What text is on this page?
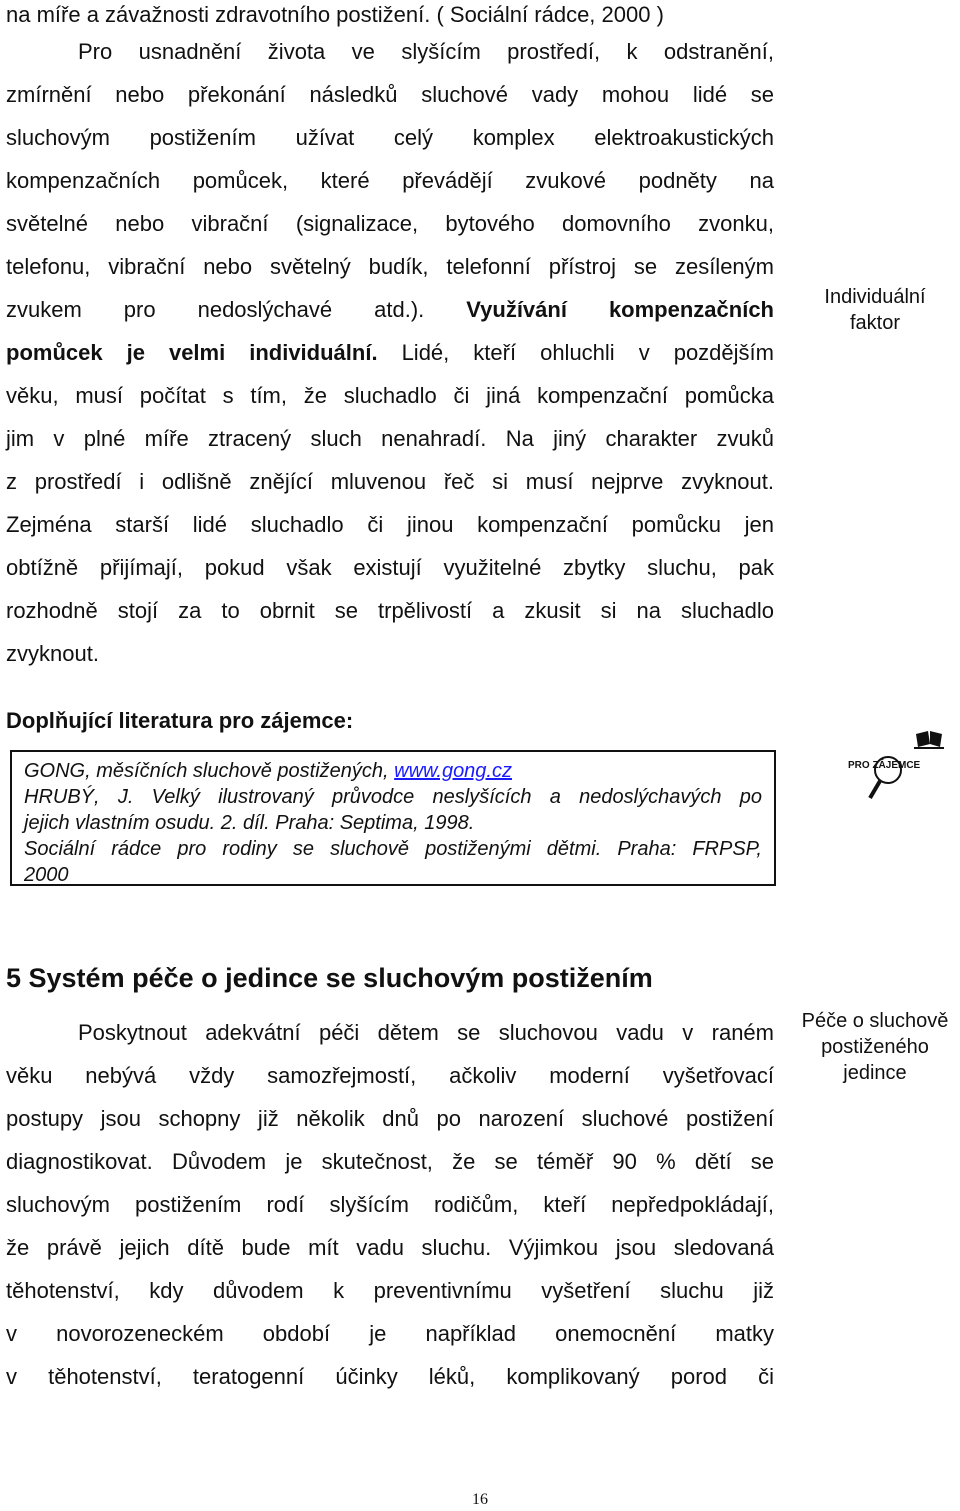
na míře a závažnosti zdravotního postižení. ( Sociální rádce, 2000 )
Pro usnadnění života ve slyšícím prostředí, k odstranění,
zmírnění nebo překonání následků sluchové vady mohou lidé se
sluchovým postižením užívat celý komplex elektroakustických
kompenzačních pomůcek, které převádějí zvukové podněty na
světelné nebo vibrační (signalizace, bytového domovního zvonku,
telefonu, vibrační nebo světelný budík, telefonní přístroj se zesíleným
zvukem pro nedoslýchavé atd.). Využívání kompenzačních
pomůcek je velmi individuální. Lidé, kteří ohluchli v pozdějším
věku, musí počítat s tím, že sluchadlo či jiná kompenzační pomůcka
jim v plné míře ztracený sluch nenahradí. Na jiný charakter zvuků
z prostředí i odlišně znějící mluvenou řeč si musí nejprve zvyknout.
Zejména starší lidé sluchadlo či jinou kompenzační pomůcku jen
obtížně přijímají, pokud však existují využitelné zbytky sluchu, pak
rozhodně stojí za to obrnit se trpělivostí a zkusit si na sluchadlo
zvyknout.
Individuální faktor
Doplňující literatura pro zájemce:
GONG, měsíčních sluchově postižených, www.gong.cz
HRUBÝ, J. Velký ilustrovaný průvodce neslyšících a nedoslýchavých po
jejich vlastním osudu. 2. díl. Praha: Septima, 1998.
Sociální rádce pro rodiny se sluchově postiženými dětmi. Praha: FRPSP,
2000
PRO ZÁJEMCE
5 Systém péče o jedince se sluchovým postižením
Poskytnout adekvátní péči dětem se sluchovou vadu v raném
věku nebývá vždy samozřejmostí, ačkoliv moderní vyšetřovací
postupy jsou schopny již několik dnů po narození sluchové postižení
diagnostikovat. Důvodem je skutečnost, že se téměř 90 % dětí se
sluchovým postižením rodí slyšícím rodičům, kteří nepředpokládají,
že právě jejich dítě bude mít vadu sluchu. Výjimkou jsou sledovaná
těhotenství, kdy důvodem k preventivnímu vyšetření sluchu již
v novorozeneckém období je například onemocnění matky
v těhotenství, teratogenní účinky léků, komplikovaný porod či
Péče o sluchově postiženého jedince
16
